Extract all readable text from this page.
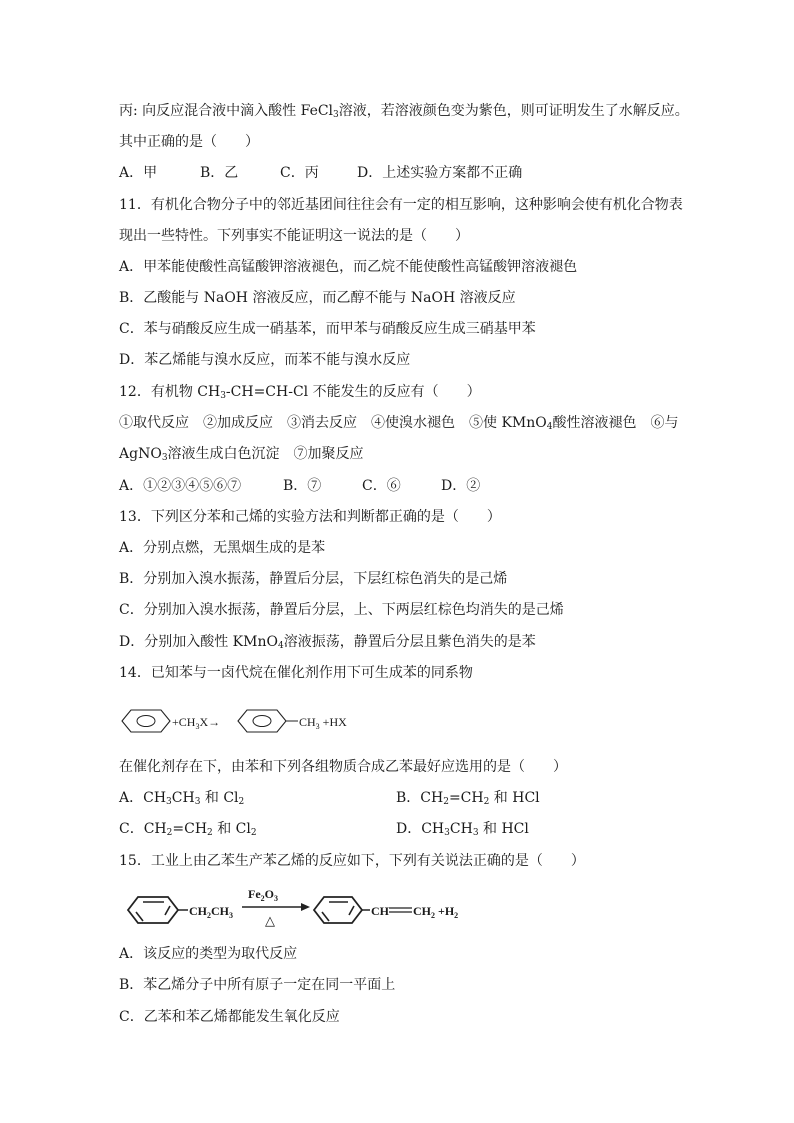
丙: 向反应混合液中滴入酸性 FeCl$_3$溶液，若溶液颜色变为紫色，则可证明发生了水解反应。
其中正确的是（　　）
A．甲	B．乙	C．丙	D．上述实验方案都不正确
11．有机化合物分子中的邻近基团间往往会有一定的相互影响，这种影响会使有机化合物表
现出一些特性。下列事实不能证明这一说法的是（　　）
A．甲苯能使酸性高锰酸钾溶液褪色，而乙烷不能使酸性高锰酸钾溶液褪色
B．乙酸能与 NaOH 溶液反应，而乙醇不能与 NaOH 溶液反应
C．苯与硝酸反应生成一硝基苯，而甲苯与硝酸反应生成三硝基甲苯
D．苯乙烯能与溴水反应，而苯不能与溴水反应
12．有机物 $CH_3-CH=CH-Cl$ 不能发生的反应有（　　）
①取代反应　②加成反应　③消去反应　④使溴水褪色　⑤使 KMnO$_4$酸性溶液褪色　⑥与
AgNO$_3$溶液生成白色沉淀　⑦加聚反应
A．①②③④⑤⑥⑦	B．⑦	C．⑥	D．②
13．下列区分苯和己烯的实验方法和判断都正确的是（　　）
A．分别点燃，无黑烟生成的是苯
B．分别加入溴水振荡，静置后分层，下层红棕色消失的是己烯
C．分别加入溴水振荡，静置后分层，上、下两层红棕色均消失的是己烯
D．分别加入酸性 KMnO$_4$溶液振荡，静置后分层且紫色消失的是苯
14．已知苯与一卤代烷在催化剂作用下可生成苯的同系物
$+CH_3X\to$	$CH_3 +HX$
在催化剂存在下，由苯和下列各组物质合成乙苯最好应选用的是（　　）
A．$CH_3CH_3$ 和 $Cl_2$	B．$CH_2=CH_2$ 和 HCl
C．$CH_2=CH_2$ 和 $Cl_2$	D．$CH_3CH_3$ 和 HCl
15．工业上由乙苯生产苯乙烯的反应如下，下列有关说法正确的是（　　）
$CH_2CH_3$
$Fe_2O_3$
△
CH $CH_2 +H_2$
A．该反应的类型为取代反应
B．苯乙烯分子中所有原子一定在同一平面上
C．乙苯和苯乙烯都能发生氧化反应
